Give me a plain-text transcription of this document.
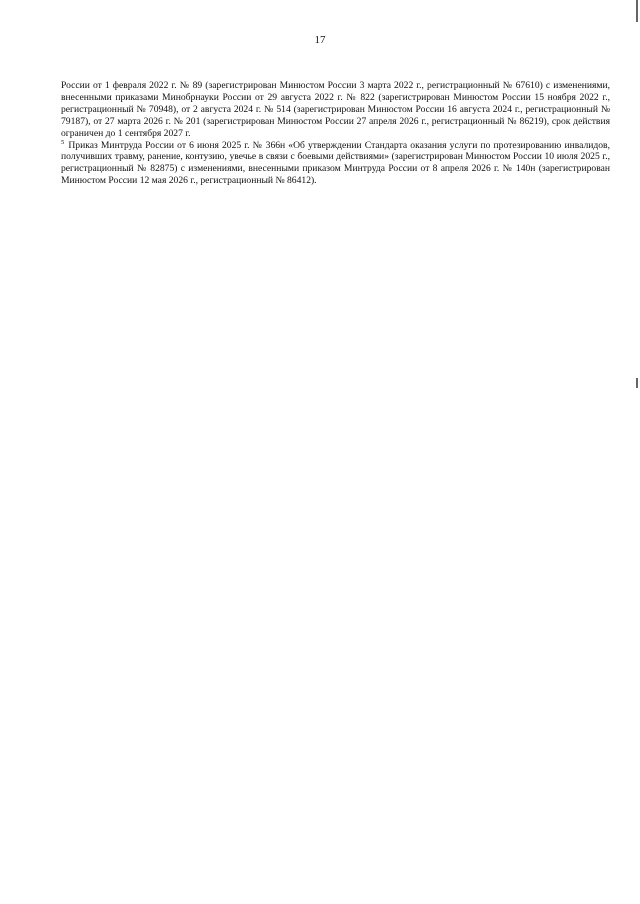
17

России от 1 февраля 2022 г. № 89 (зарегистрирован Минюстом России 3 марта 2022 г., регистрационный № 67610) с изменениями, внесенными приказами Минобрнауки России от 29 августа 2022 г. № 822 (зарегистрирован Минюстом России 15 ноября 2022 г., регистрационный № 70948), от 2 августа 2024 г. № 514 (зарегистрирован Минюстом России 16 августа 2024 г., регистрационный № 79187), от 27 марта 2026 г. № 201 (зарегистрирован Минюстом России 27 апреля 2026 г., регистрационный № 86219), срок действия ограничен до 1 сентября 2027 г.

$^5$ Приказ Минтруда России от 6 июня 2025 г. № 366н «Об утверждении Стандарта оказания услуги по протезированию инвалидов, получивших травму, ранение, контузию, увечье в связи с боевыми действиями» (зарегистрирован Минюстом России 10 июля 2025 г., регистрационный № 82875) с изменениями, внесенными приказом Минтруда России от 8 апреля 2026 г. № 140н (зарегистрирован Минюстом России 12 мая 2026 г., регистрационный № 86412).
